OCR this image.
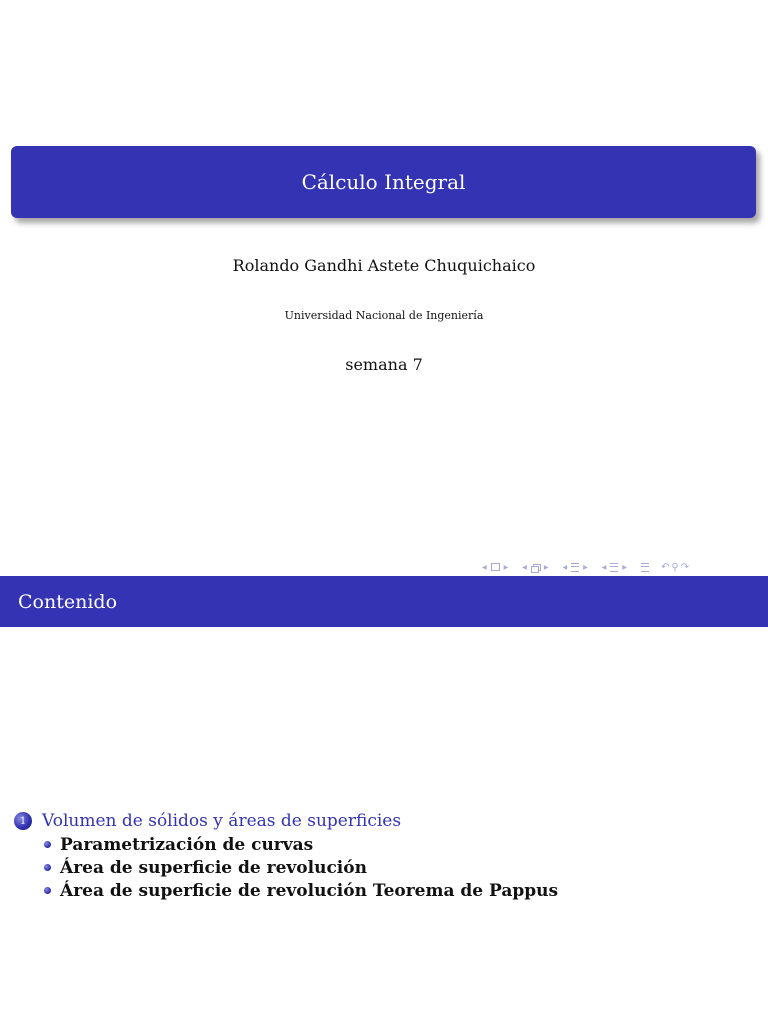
Cálculo Integral
Rolando Gandhi Astete Chuquichaico
Universidad Nacional de Ingeniería
semana 7
◀	▶ ◀	▶ ◀	▶ ◀	▶	↶ ⚲ ↷
Contenido
1 Volumen de sólidos y áreas de superficies
Parametrización de curvas
Área de superficie de revolución
Área de superficie de revolución Teorema de Pappus
